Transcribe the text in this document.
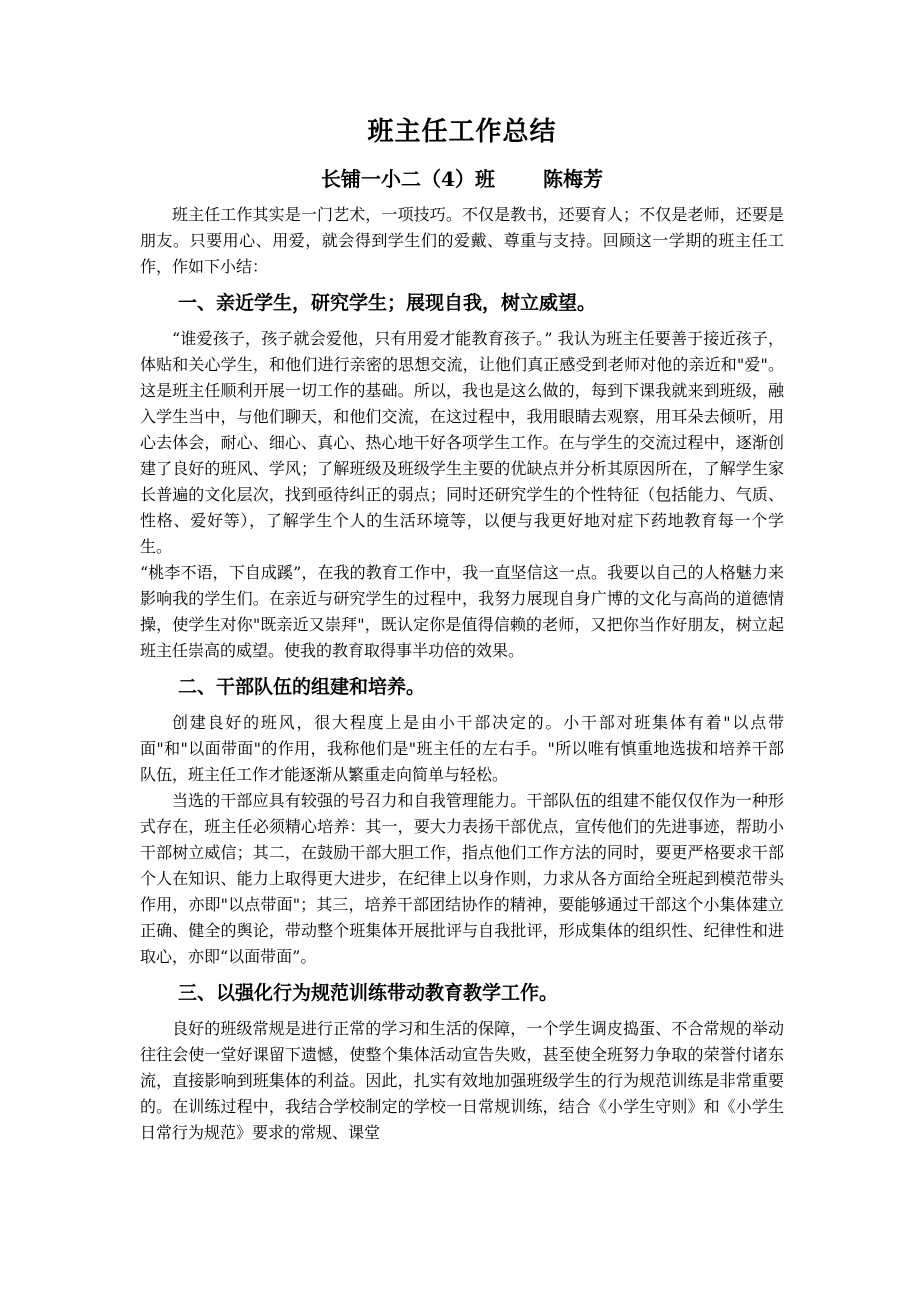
班主任工作总结
长铺一小二（4）班 陈梅芳

班主任工作其实是一门艺术，一项技巧。不仅是教书，还要育人；不仅是老师，还要是朋友。只要用心、用爱，就会得到学生们的爱戴、尊重与支持。回顾这一学期的班主任工作，作如下小结：

一、亲近学生，研究学生；展现自我，树立威望。

“谁爱孩子，孩子就会爱他，只有用爱才能教育孩子。” 我认为班主任要善于接近孩子，体贴和关心学生，和他们进行亲密的思想交流，让他们真正感受到老师对他的亲近和"爱"。这是班主任顺利开展一切工作的基础。所以，我也是这么做的，每到下课我就来到班级，融入学生当中，与他们聊天，和他们交流，在这过程中，我用眼睛去观察，用耳朵去倾听，用心去体会，耐心、细心、真心、热心地干好各项学生工作。在与学生的交流过程中，逐渐创建了良好的班风、学风；了解班级及班级学生主要的优缺点并分析其原因所在，了解学生家长普遍的文化层次，找到亟待纠正的弱点；同时还研究学生的个性特征（包括能力、气质、性格、爱好等），了解学生个人的生活环境等，以便与我更好地对症下药地教育每一个学生。

“桃李不语，下自成蹊”，在我的教育工作中，我一直坚信这一点。我要以自己的人格魅力来影响我的学生们。在亲近与研究学生的过程中，我努力展现自身广博的文化与高尚的道德情操，使学生对你"既亲近又崇拜"，既认定你是值得信赖的老师，又把你当作好朋友，树立起班主任崇高的威望。使我的教育取得事半功倍的效果。

二、干部队伍的组建和培养。

创建良好的班风，很大程度上是由小干部决定的。小干部对班集体有着"以点带面"和"以面带面"的作用，我称他们是"班主任的左右手。"所以唯有慎重地选拔和培养干部队伍，班主任工作才能逐渐从繁重走向简单与轻松。

当选的干部应具有较强的号召力和自我管理能力。干部队伍的组建不能仅仅作为一种形式存在，班主任必须精心培养：其一，要大力表扬干部优点，宣传他们的先进事迹，帮助小干部树立威信；其二，在鼓励干部大胆工作，指点他们工作方法的同时，要更严格要求干部个人在知识、能力上取得更大进步，在纪律上以身作则，力求从各方面给全班起到模范带头作用，亦即"以点带面"；其三，培养干部团结协作的精神，要能够通过干部这个小集体建立正确、健全的舆论，带动整个班集体开展批评与自我批评，形成集体的组织性、纪律性和进取心，亦即“以面带面”。

三、以强化行为规范训练带动教育教学工作。

良好的班级常规是进行正常的学习和生活的保障，一个学生调皮捣蛋、不合常规的举动往往会使一堂好课留下遗憾，使整个集体活动宣告失败，甚至使全班努力争取的荣誉付诸东流，直接影响到班集体的利益。因此，扎实有效地加强班级学生的行为规范训练是非常重要的。在训练过程中，我结合学校制定的学校一日常规训练，结合《小学生守则》和《小学生日常行为规范》要求的常规、课堂
